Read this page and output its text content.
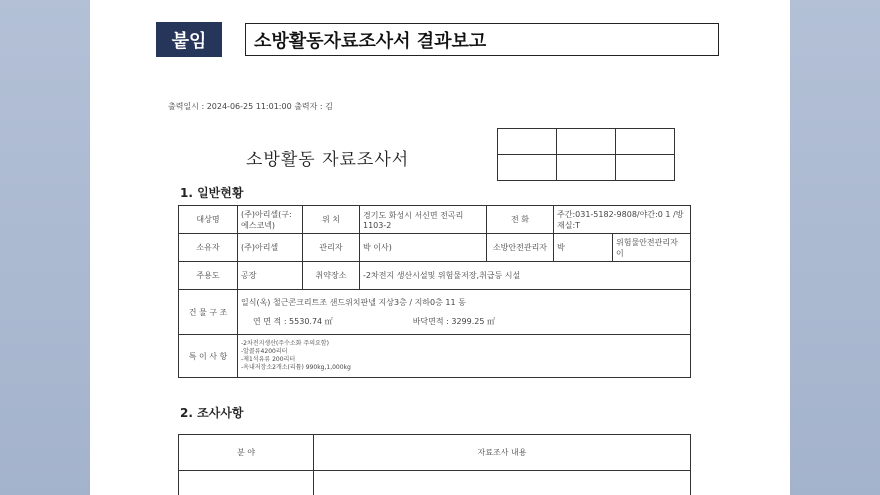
붙임	소방활동자료조사서 결과보고
출력일시 : 2024-06-25 11:01:00 출력자 : 김
소방활동 자료조사서

1. 일반현황
대상명	(주)아리셀(구:에스코넥)	위 치	경기도 화성시 서신면 전곡리 1103-2	전 화	주간:031-5182-9808/야간:0 1 /방재실:T	
소유자	(주)아리셀	관리자	박 이사)	소방안전관리자	박	위험물안전관리자 이
주용도	공장	취약장소	-2차전지 생산시설및 위험물저장,취급등 시설			
건 물 구 조	일식(옥) 철근콘크리트조 샌드위치판넬 지상3층 / 지하0층 11 동
연 면 적 : 5530.74 ㎡ 바닥면적 : 3299.25 ㎡					

특 이 사 항	-2차전지생산(주수소화 주의요함)
-알콜류4200리터
-제1석유류 200리터
-옥내저장소2개소(리튬) 990kg,1,000kg					
2. 조사사항
분 야	자료조사 내용
